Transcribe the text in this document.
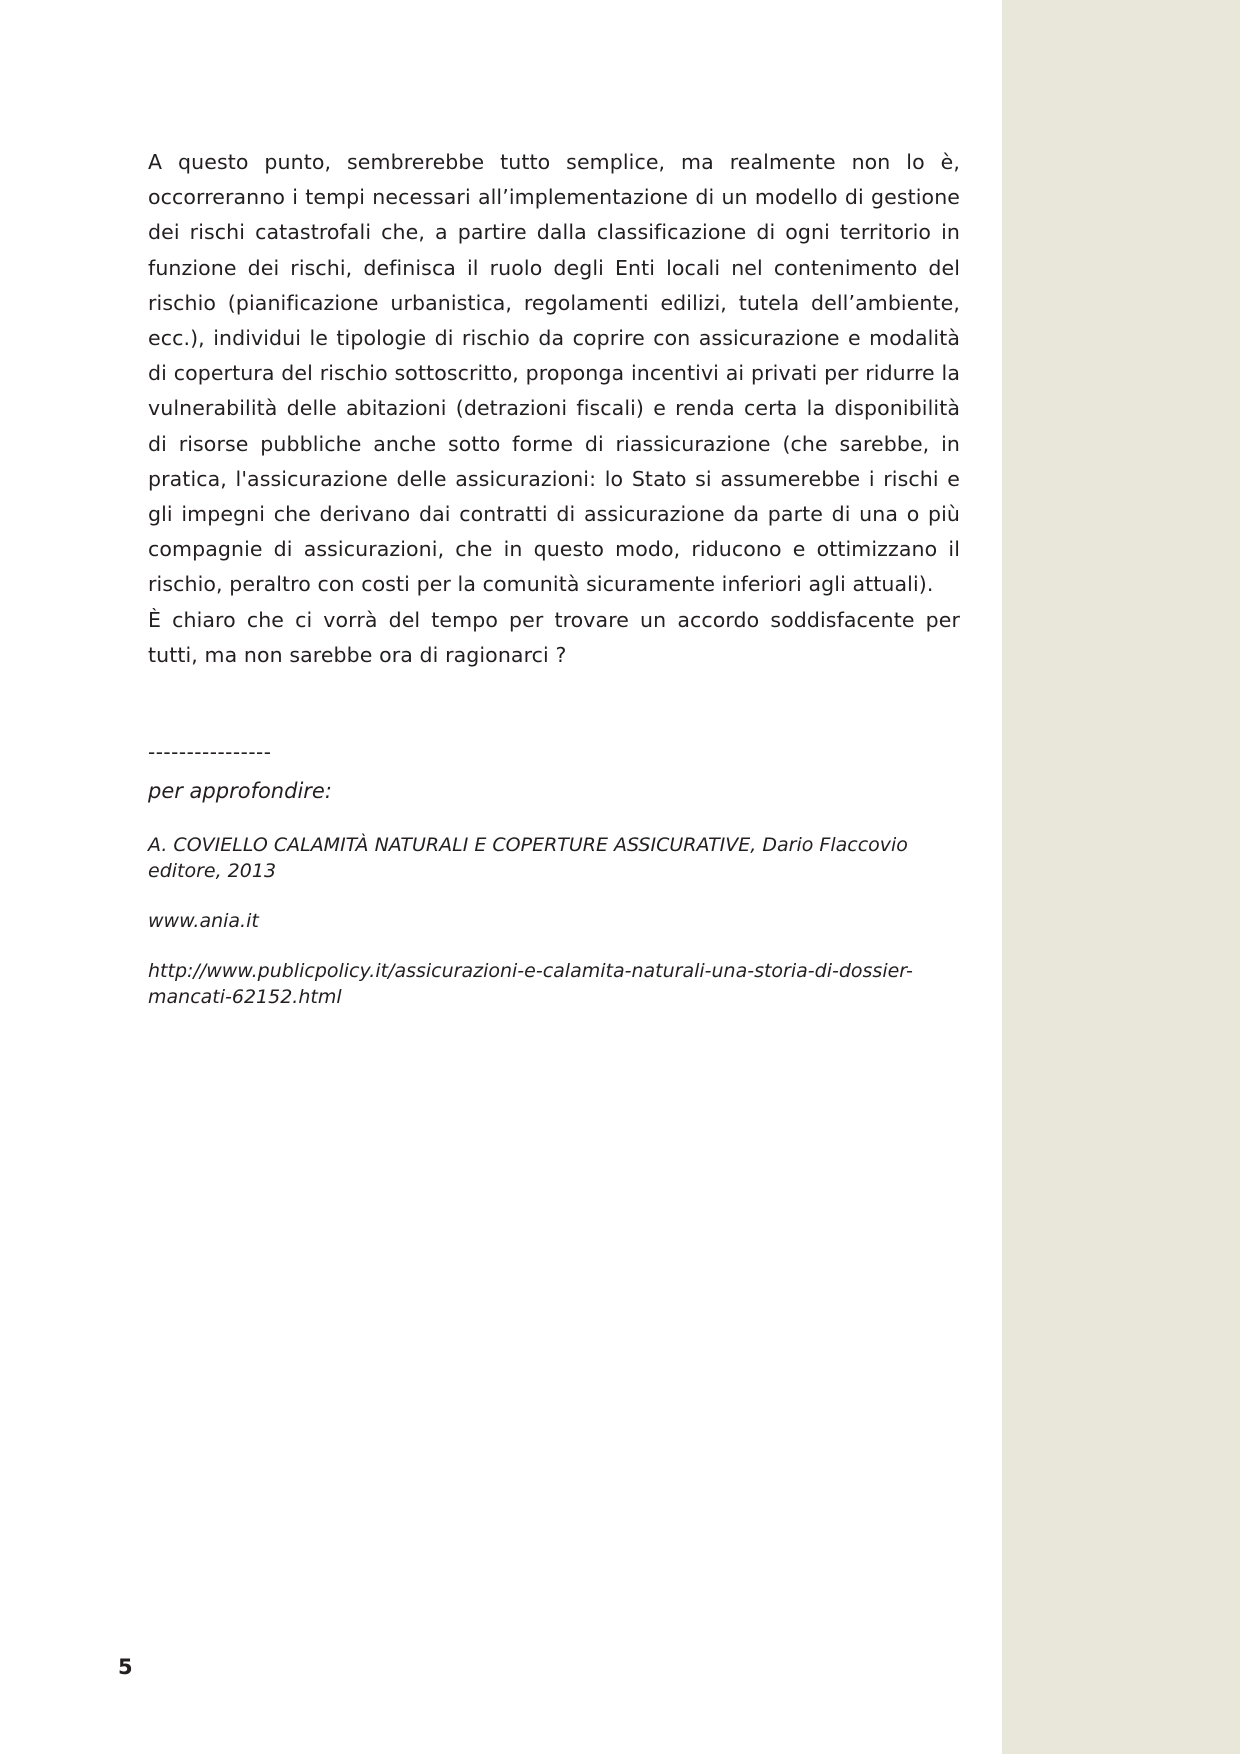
A questo punto, sembrerebbe tutto semplice, ma realmente non lo è, occorreranno i tempi necessari all’implementazione di un modello di gestione dei rischi catastrofali che, a partire dalla classificazione di ogni territorio in funzione dei rischi, definisca il ruolo degli Enti locali nel contenimento del rischio (pianificazione urbanistica, regolamenti edilizi, tutela dell’ambiente, ecc.), individui le tipologie di rischio da coprire con assicurazione e modalità di copertura del rischio sottoscritto, proponga incentivi ai privati per ridurre la vulnerabilità delle abitazioni (detrazioni fiscali) e renda certa la disponibilità di risorse pubbliche anche sotto forme di riassicurazione (che sarebbe, in pratica, l'assicurazione delle assicurazioni: lo Stato si assumerebbe i rischi e gli impegni che derivano dai contratti di assicurazione da parte di una o più compagnie di assicurazioni, che in questo modo, riducono e ottimizzano il rischio, peraltro con costi per la comunità sicuramente inferiori agli attuali).

È chiaro che ci vorrà del tempo per trovare un accordo soddisfacente per tutti, ma non sarebbe ora di ragionarci ?

----------------
per approfondire:
A. COVIELLO CALAMITÀ NATURALI E COPERTURE ASSICURATIVE, Dario Flaccovio editore, 2013
www.ania.it
http://www.publicpolicy.it/assicurazioni-e-calamita-naturali-una-storia-di-dossier-mancati-62152.html
5
